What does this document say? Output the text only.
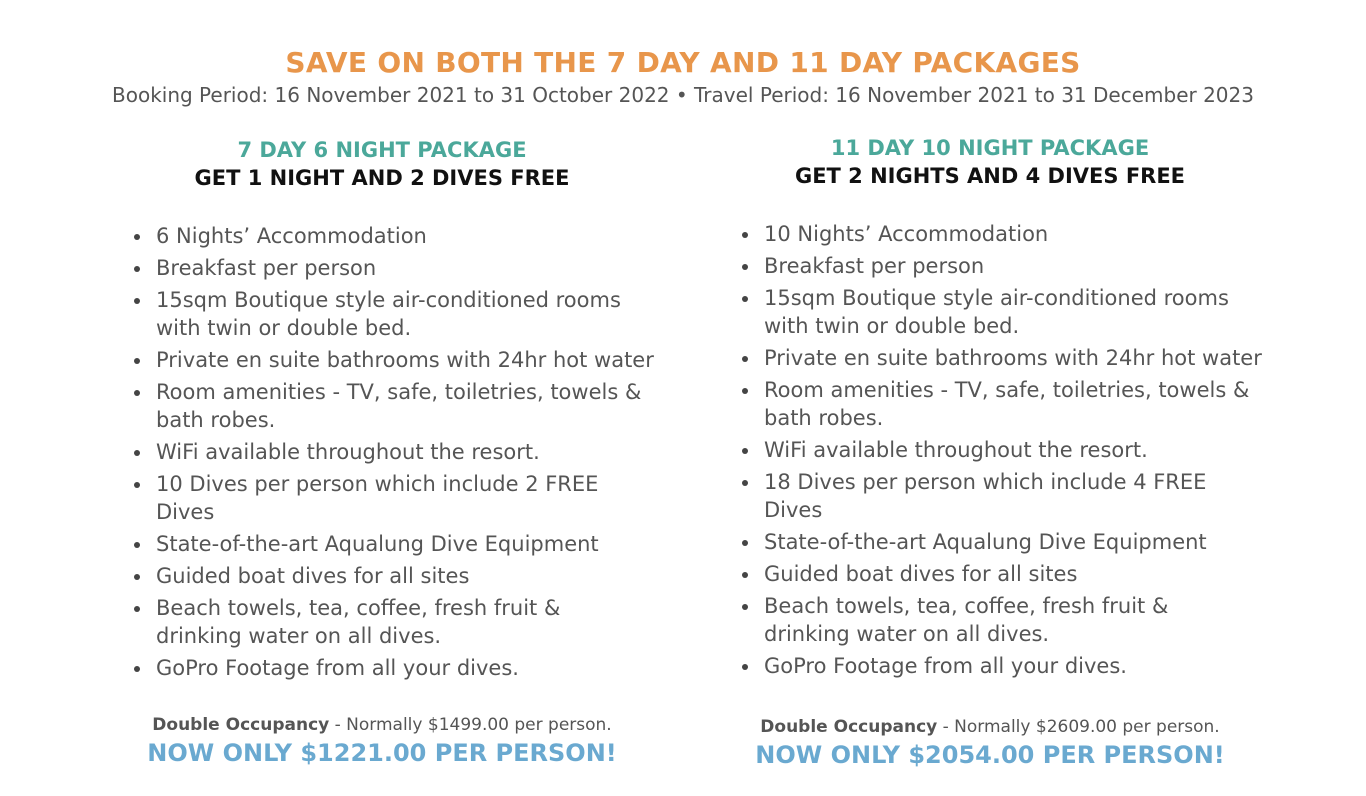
SAVE ON BOTH THE 7 DAY AND 11 DAY PACKAGES

Booking Period: 16 November 2021 to 31 October 2022 • Travel Period: 16 November 2021 to 31 December 2023

7 DAY 6 NIGHT PACKAGE

GET 1 NIGHT AND 2 DIVES FREE

6 Nights’ Accommodation
Breakfast per person
15sqm Boutique style air-conditioned rooms with twin or double bed.
Private en suite bathrooms with 24hr hot water
Room amenities - TV, safe, toiletries, towels & bath robes.
WiFi available throughout the resort.
10 Dives per person which include 2 FREE Dives
State-of-the-art Aqualung Dive Equipment
Guided boat dives for all sites
Beach towels, tea, coffee, fresh fruit & drinking water on all dives.
GoPro Footage from all your dives.

11 DAY 10 NIGHT PACKAGE

GET 2 NIGHTS AND 4 DIVES FREE

10 Nights’ Accommodation
Breakfast per person
15sqm Boutique style air-conditioned rooms with twin or double bed.
Private en suite bathrooms with 24hr hot water
Room amenities - TV, safe, toiletries, towels & bath robes.
WiFi available throughout the resort.
18 Dives per person which include 4 FREE Dives
State-of-the-art Aqualung Dive Equipment
Guided boat dives for all sites
Beach towels, tea, coffee, fresh fruit & drinking water on all dives.
GoPro Footage from all your dives.

Double Occupancy - Normally $1499.00 per person.

NOW ONLY $1221.00 PER PERSON!

Double Occupancy - Normally $2609.00 per person.

NOW ONLY $2054.00 PER PERSON!
